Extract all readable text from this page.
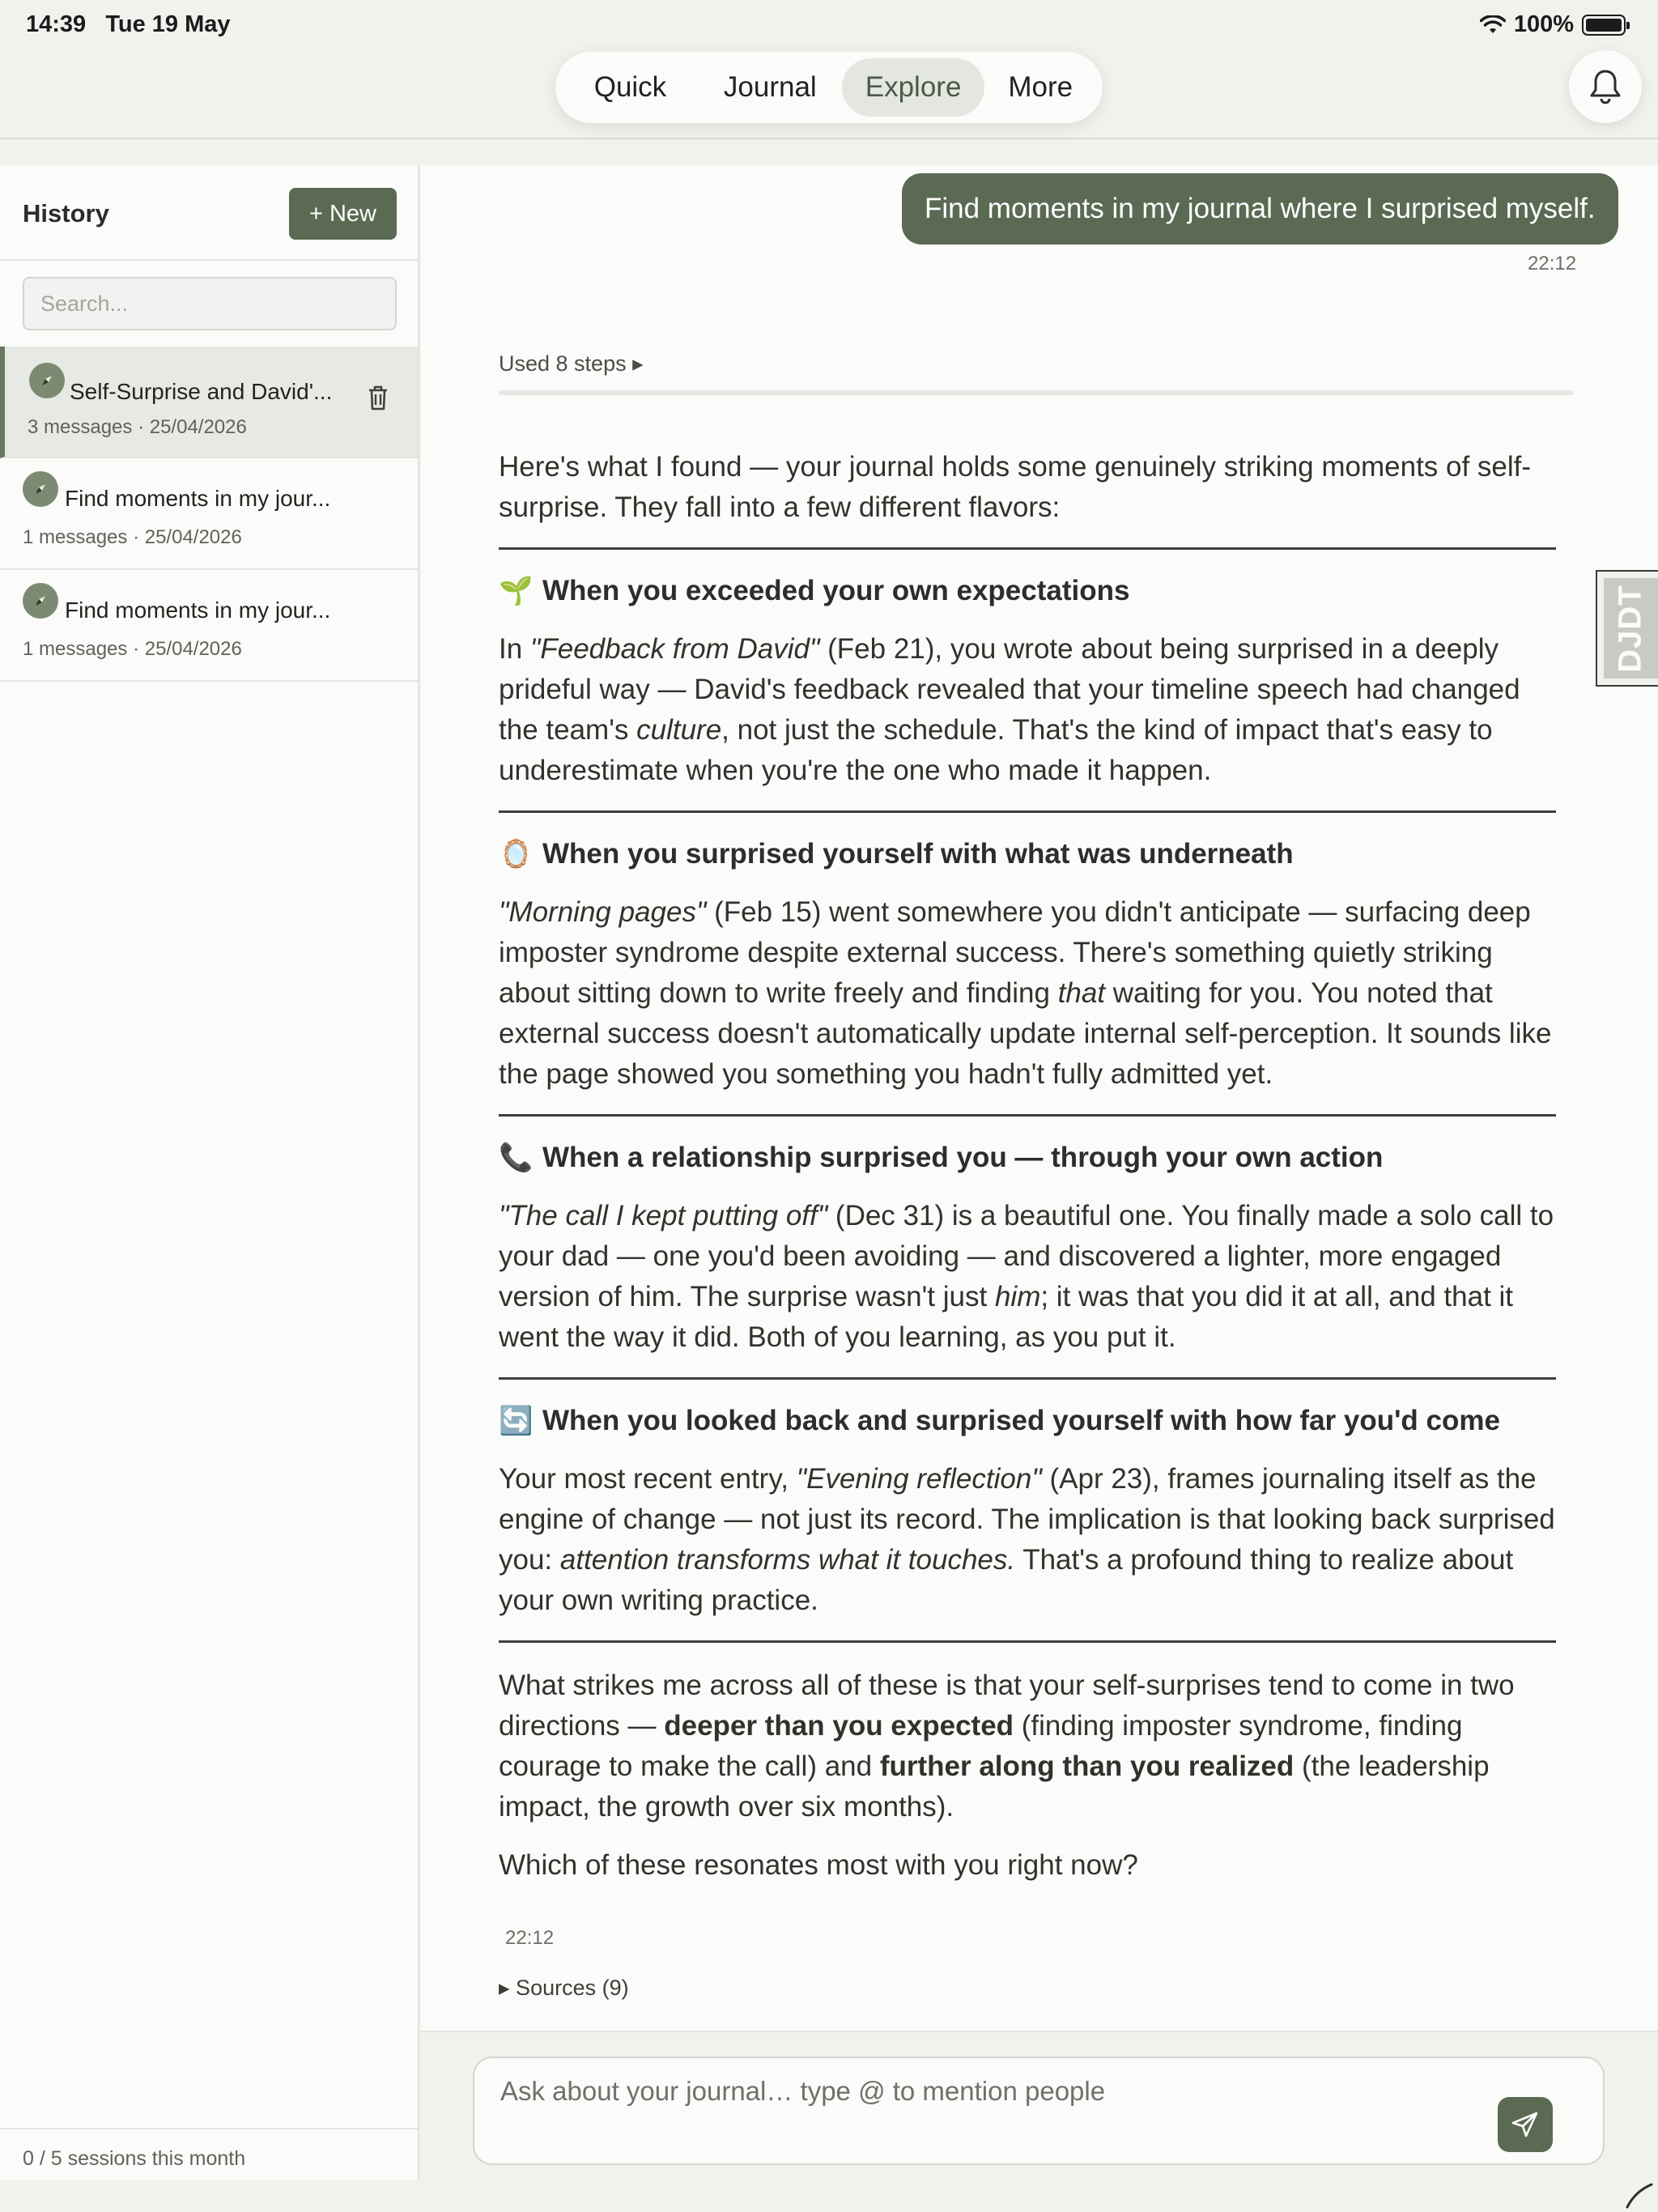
14:39 Tue 19 May	100%
Quick	Journal	Explore	More
History	+ New
Search...
Self-Surprise and David'...
3 messages · 25/04/2026
Find moments in my jour...
1 messages · 25/04/2026
Find moments in my jour...
1 messages · 25/04/2026
0 / 5 sessions this month
Find moments in my journal where I surprised myself.
22:12
Used 8 steps ▸

Here's what I found — your journal holds some genuinely striking moments of self-surprise. They fall into a few different flavors:

🌱 When you exceeded your own expectations

In "Feedback from David" (Feb 21), you wrote about being surprised in a deeply prideful way — David's feedback revealed that your timeline speech had changed the team's culture, not just the schedule. That's the kind of impact that's easy to underestimate when you're the one who made it happen.

🪞 When you surprised yourself with what was underneath

"Morning pages" (Feb 15) went somewhere you didn't anticipate — surfacing deep imposter syndrome despite external success. There's something quietly striking about sitting down to write freely and finding that waiting for you. You noted that external success doesn't automatically update internal self-perception. It sounds like the page showed you something you hadn't fully admitted yet.

📞 When a relationship surprised you — through your own action

"The call I kept putting off" (Dec 31) is a beautiful one. You finally made a solo call to your dad — one you'd been avoiding — and discovered a lighter, more engaged version of him. The surprise wasn't just him; it was that you did it at all, and that it went the way it did. Both of you learning, as you put it.

🔄 When you looked back and surprised yourself with how far you'd come

Your most recent entry, "Evening reflection" (Apr 23), frames journaling itself as the engine of change — not just its record. The implication is that looking back surprised you: attention transforms what it touches. That's a profound thing to realize about your own writing practice.

What strikes me across all of these is that your self-surprises tend to come in two directions — deeper than you expected (finding imposter syndrome, finding courage to make the call) and further along than you realized (the leadership impact, the growth over six months).

Which of these resonates most with you right now?

22:12
▸ Sources (9)
Ask about your journal… type @ to mention people
DJDT
